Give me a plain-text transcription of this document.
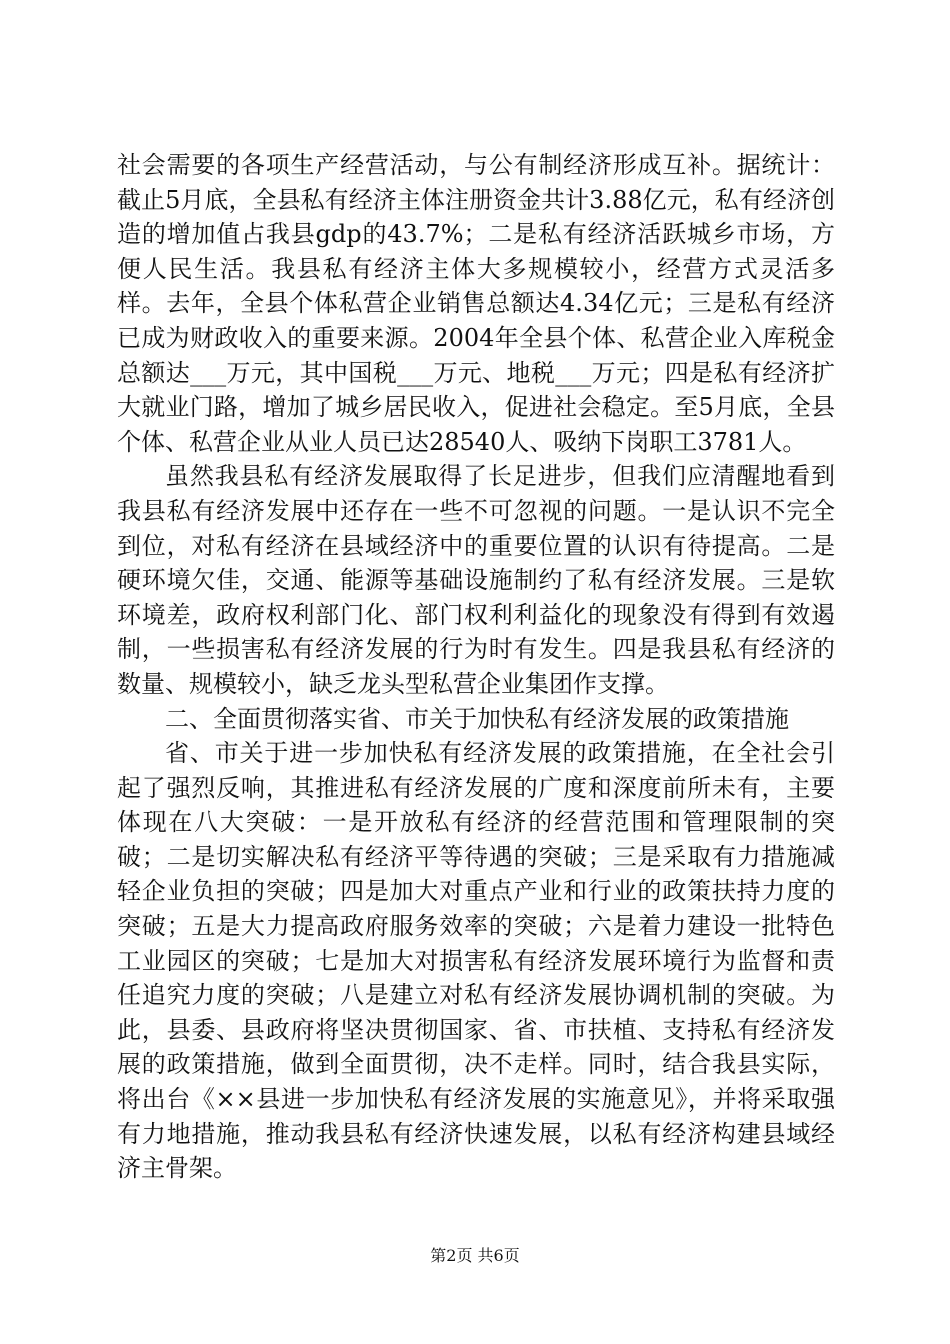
社会需要的各项生产经营活动，与公有制经济形成互补。据统计：截止5月底，全县私有经济主体注册资金共计3.88亿元，私有经济创造的增加值占我县gdp的43.7%；二是私有经济活跃城乡市场，方便人民生活。我县私有经济主体大多规模较小，经营方式灵活多样。去年，全县个体私营企业销售总额达4.34亿元；三是私有经济已成为财政收入的重要来源。2004年全县个体、私营企业入库税金总额达___万元，其中国税___万元、地税___万元；四是私有经济扩大就业门路，增加了城乡居民收入，促进社会稳定。至5月底，全县个体、私营企业从业人员已达28540人、吸纳下岗职工3781人。

虽然我县私有经济发展取得了长足进步，但我们应清醒地看到我县私有经济发展中还存在一些不可忽视的问题。一是认识不完全到位，对私有经济在县域经济中的重要位置的认识有待提高。二是硬环境欠佳，交通、能源等基础设施制约了私有经济发展。三是软环境差，政府权利部门化、部门权利利益化的现象没有得到有效遏制，一些损害私有经济发展的行为时有发生。四是我县私有经济的数量、规模较小，缺乏龙头型私营企业集团作支撑。

二、全面贯彻落实省、市关于加快私有经济发展的政策措施

省、市关于进一步加快私有经济发展的政策措施，在全社会引起了强烈反响，其推进私有经济发展的广度和深度前所未有，主要体现在八大突破：一是开放私有经济的经营范围和管理限制的突破；二是切实解决私有经济平等待遇的突破；三是采取有力措施减轻企业负担的突破；四是加大对重点产业和行业的政策扶持力度的突破；五是大力提高政府服务效率的突破；六是着力建设一批特色工业园区的突破；七是加大对损害私有经济发展环境行为监督和责任追究力度的突破；八是建立对私有经济发展协调机制的突破。为此，县委、县政府将坚决贯彻国家、省、市扶植、支持私有经济发展的政策措施，做到全面贯彻，决不走样。同时，结合我县实际，将出台《××县进一步加快私有经济发展的实施意见》，并将采取强有力地措施，推动我县私有经济快速发展，以私有经济构建县域经济主骨架。

第2页 共6页
